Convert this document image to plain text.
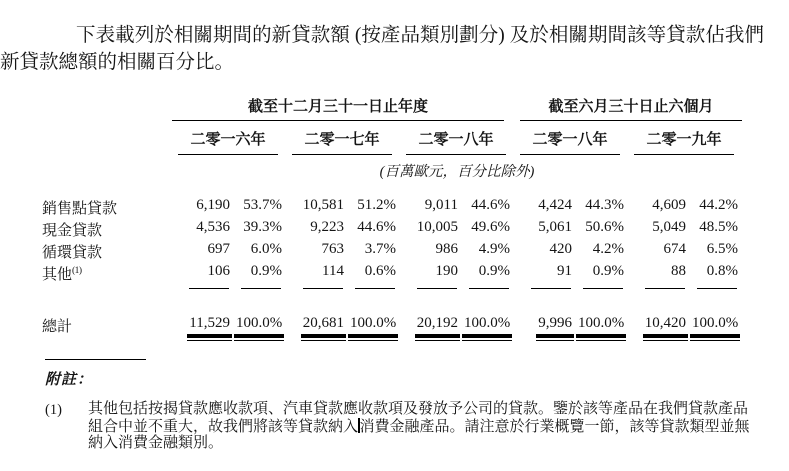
下表載列於相關期間的新貸款額 (按產品類別劃分) 及於相關期間該等貸款佔我們新貸款總額的相關百分比。
截至十二月三十一日止年度	截至六月三十日止六個月
二零一六年	二零一七年	二零一八年	二零一八年	二零一九年
(百萬歐元，百分比除外)
銷售點貸款	6,190 53.7%	10,581 51.2%	9,011 44.6%	4,424 44.3%	4,609 44.2%
現金貸款	4,536 39.3%	9,223 44.6%	10,005 49.6%	5,061 50.6%	5,049 48.5%
循環貸款	697	6.0%	763	3.7%	986	4.9%	420	4.2%	674	6.5%
其他$^{(1)}$	106	0.9%	114	0.6%	190	0.9%	91	0.9%	88	0.8%
總計	11,529 100.0%	20,681 100.0%	20,192 100.0%	9,996 100.0%	10,420 100.0%
附註：
(1)	其他包括按揭貸款應收款項、汽車貸款應收款項及發放予公司的貸款。鑒於該等產品在我們貸款產品
組合中並不重大，故我們將該等貸款納入 消費金融產品。請注意於行業概覽一節，該等貸款類型並無
納入消費金融類別。
